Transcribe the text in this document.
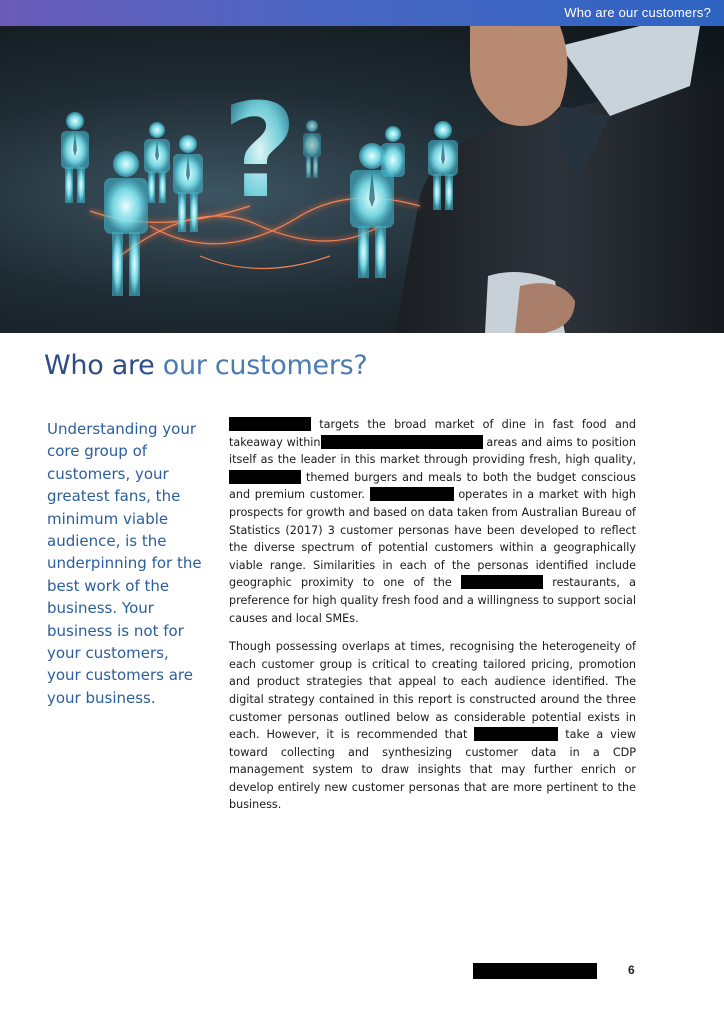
Who are our customers?
?
Who are our customers?
Understanding your core group of customers, your greatest fans, the minimum viable audience, is the underpinning for the best work of the business. Your business is not for your customers, your customers are your business.

targets the broad market of dine in fast food and takeaway within	areas and aims to position itself as the leader in this market through providing fresh, high quality,  themed burgers and meals to both the budget conscious and premium customer.	operates in a market with high prospects for growth and based on data taken from Australian Bureau of Statistics (2017) 3 customer personas have been developed to reflect the diverse spectrum of potential customers within a geographically viable range. Similarities in each of the personas identified include geographic proximity to one of the	restaurants, a preference for high quality fresh food and a willingness to support social causes and local SMEs.

Though possessing overlaps at times, recognising the heterogeneity of each customer group is critical to creating tailored pricing, promotion and product strategies that appeal to each audience identified. The digital strategy contained in this report is constructed around the three customer personas outlined below as considerable potential exists in each. However, it is recommended that	take a view toward collecting and synthesizing customer data in a CDP management system to draw insights that may further enrich or develop entirely new customer personas that are more pertinent to the business.

6
